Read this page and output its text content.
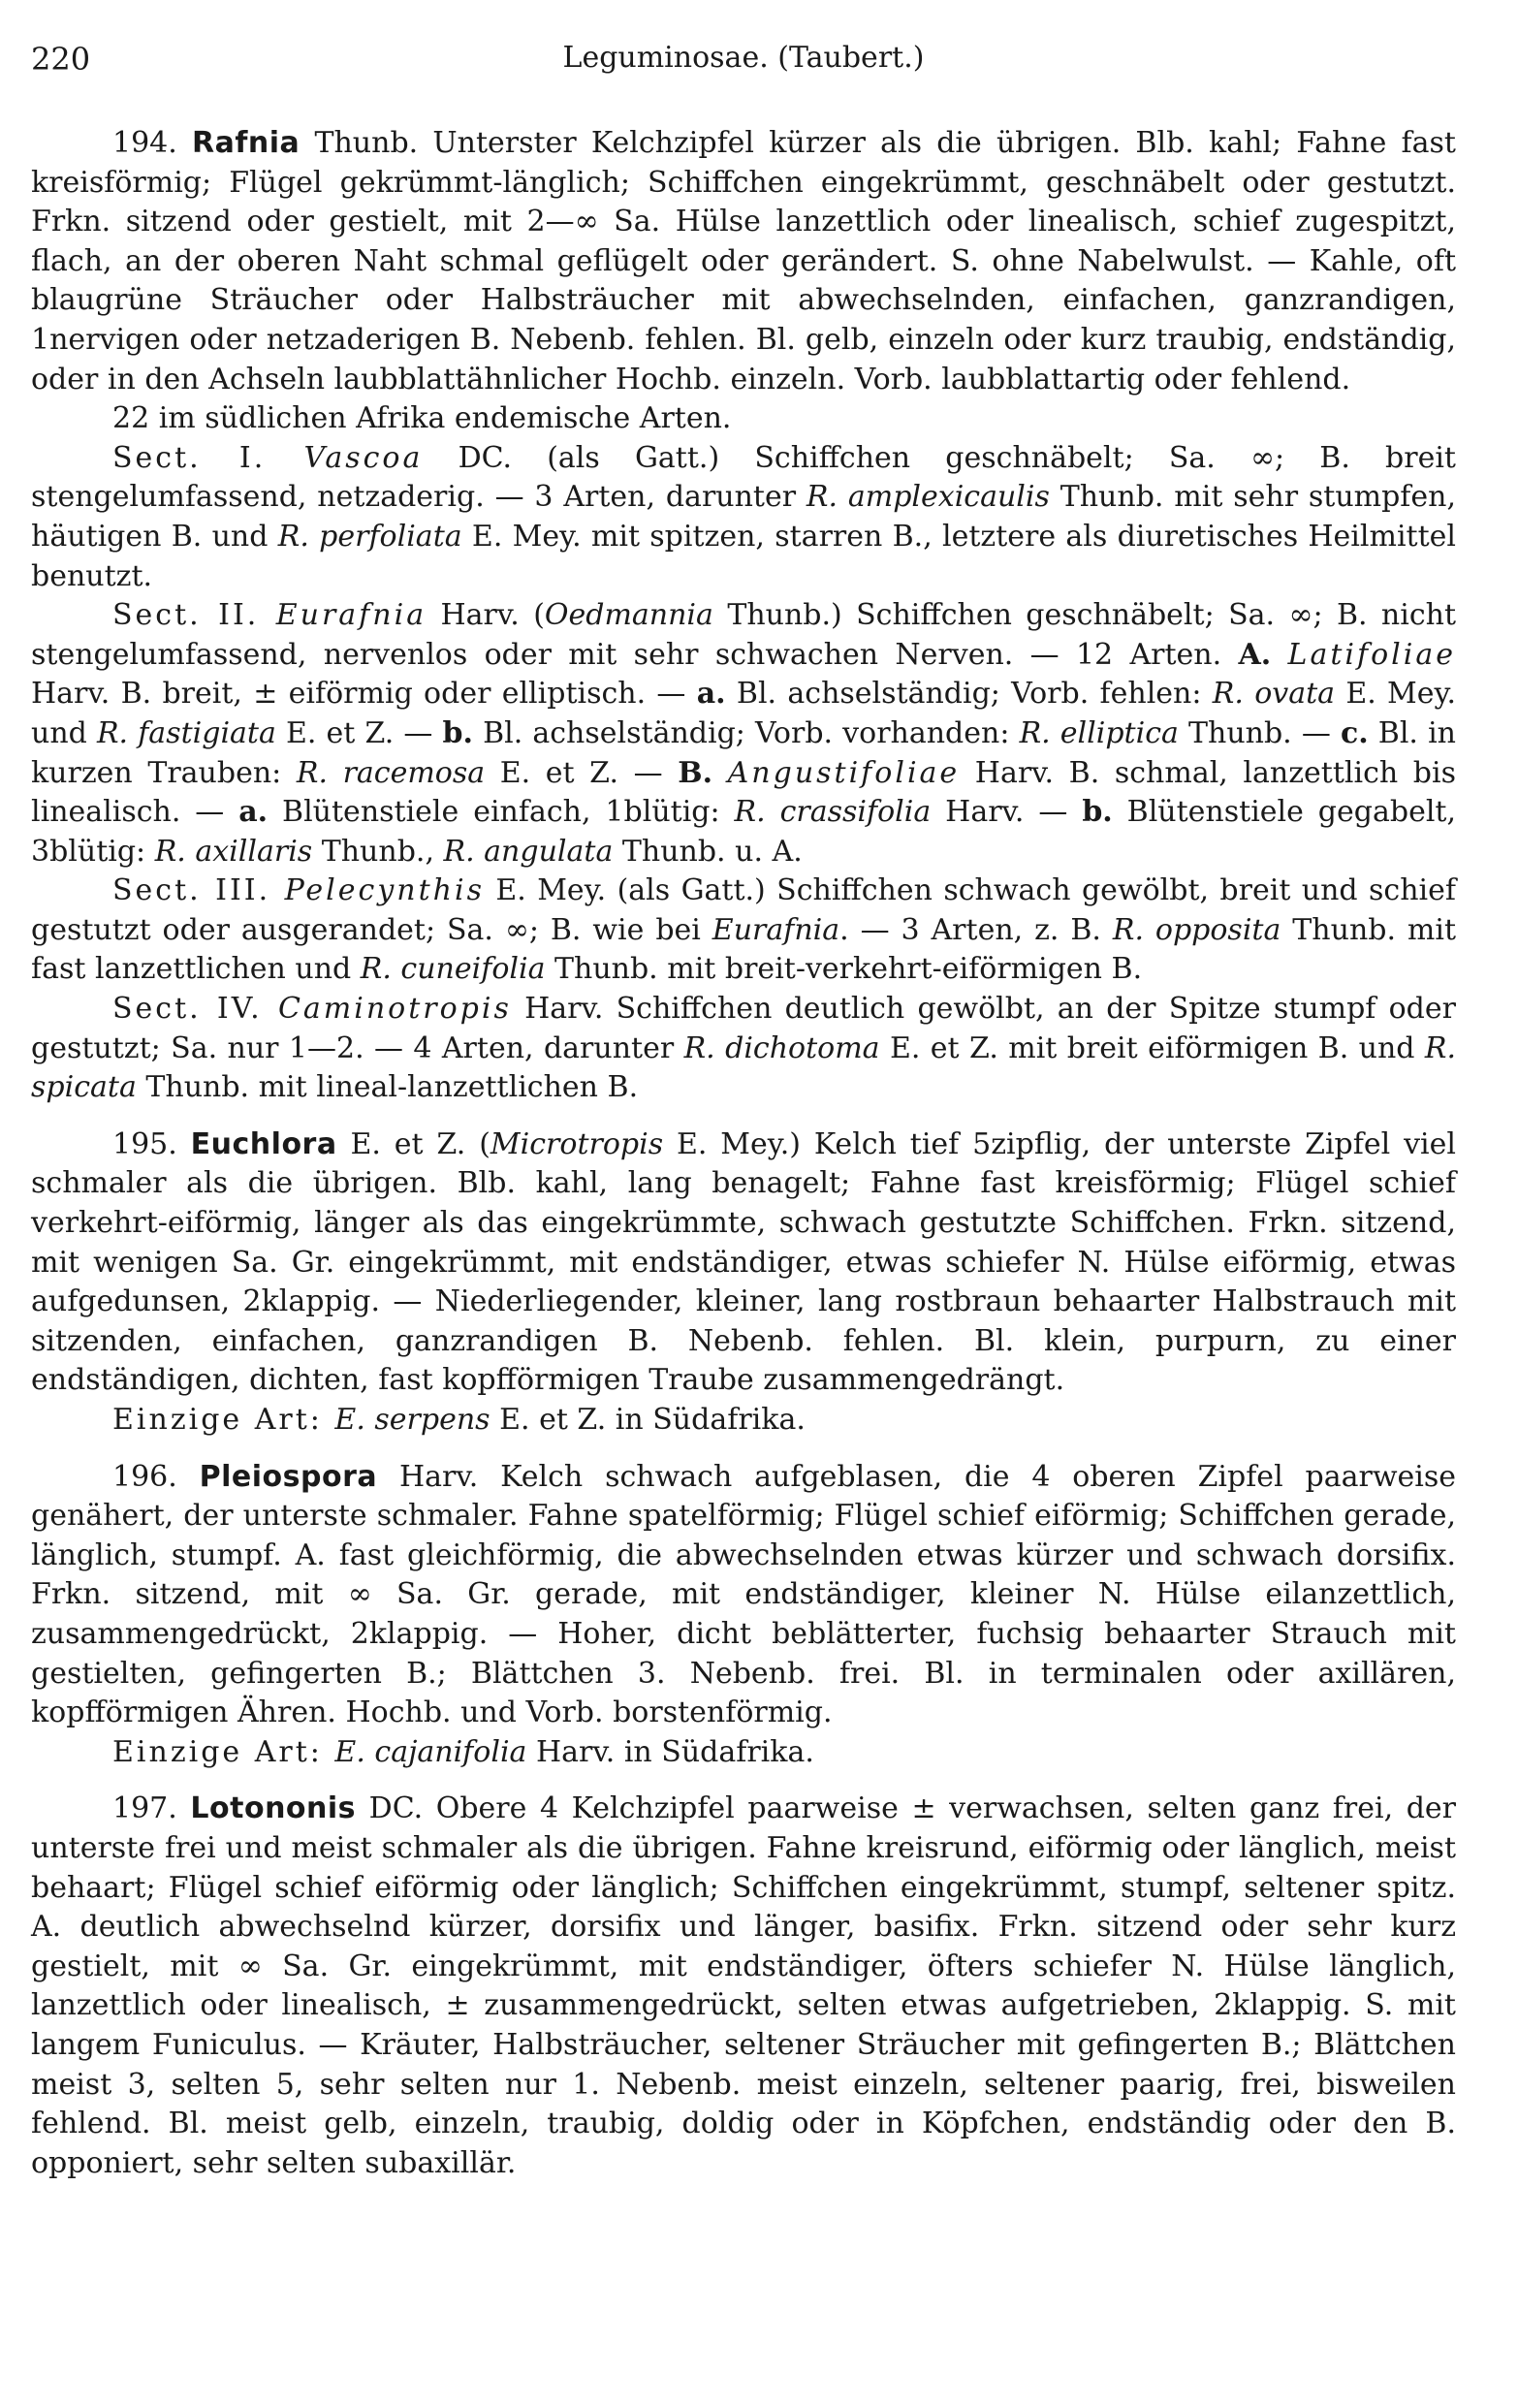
220	Leguminosae. (Taubert.)

194. Rafnia Thunb. Unterster Kelchzipfel kürzer als die übrigen. Blb. kahl; Fahne fast kreisförmig; Flügel gekrümmt-länglich; Schiffchen eingekrümmt, geschnäbelt oder gestutzt. Frkn. sitzend oder gestielt, mit 2—∞ Sa. Hülse lanzettlich oder linealisch, schief zugespitzt, flach, an der oberen Naht schmal geflügelt oder gerändert. S. ohne Nabelwulst. — Kahle, oft blaugrüne Sträucher oder Halbsträucher mit abwechselnden, einfachen, ganzrandigen, 1nervigen oder netzaderigen B. Nebenb. fehlen. Bl. gelb, einzeln oder kurz traubig, endständig, oder in den Achseln laubblattähnlicher Hochb. einzeln. Vorb. laubblattartig oder fehlend.

22 im südlichen Afrika endemische Arten.

Sect. I. Vascoa DC. (als Gatt.) Schiffchen geschnäbelt; Sa. ∞; B. breit stengelumfassend, netzaderig. — 3 Arten, darunter R. amplexicaulis Thunb. mit sehr stumpfen, häutigen B. und R. perfoliata E. Mey. mit spitzen, starren B., letztere als diuretisches Heilmittel benutzt.

Sect. II. Eurafnia Harv. (Oedmannia Thunb.) Schiffchen geschnäbelt; Sa. ∞; B. nicht stengelumfassend, nervenlos oder mit sehr schwachen Nerven. — 12 Arten. A. Latifoliae Harv. B. breit, ± eiförmig oder elliptisch. — a. Bl. achselständig; Vorb. fehlen: R. ovata E. Mey. und R. fastigiata E. et Z. — b. Bl. achselständig; Vorb. vorhanden: R. elliptica Thunb. — c. Bl. in kurzen Trauben: R. racemosa E. et Z. — B. Angustifoliae Harv. B. schmal, lanzettlich bis linealisch. — a. Blütenstiele einfach, 1blütig: R. crassifolia Harv. — b. Blütenstiele gegabelt, 3blütig: R. axillaris Thunb., R. angulata Thunb. u. A.

Sect. III. Pelecynthis E. Mey. (als Gatt.) Schiffchen schwach gewölbt, breit und schief gestutzt oder ausgerandet; Sa. ∞; B. wie bei Eurafnia. — 3 Arten, z. B. R. opposita Thunb. mit fast lanzettlichen und R. cuneifolia Thunb. mit breit-verkehrt-eiförmigen B.

Sect. IV. Caminotropis Harv. Schiffchen deutlich gewölbt, an der Spitze stumpf oder gestutzt; Sa. nur 1—2. — 4 Arten, darunter R. dichotoma E. et Z. mit breit eiförmigen B. und R. spicata Thunb. mit lineal-lanzettlichen B.

195. Euchlora E. et Z. (Microtropis E. Mey.) Kelch tief 5zipflig, der unterste Zipfel viel schmaler als die übrigen. Blb. kahl, lang benagelt; Fahne fast kreisförmig; Flügel schief verkehrt-eiförmig, länger als das eingekrümmte, schwach gestutzte Schiffchen. Frkn. sitzend, mit wenigen Sa. Gr. eingekrümmt, mit endständiger, etwas schiefer N. Hülse eiförmig, etwas aufgedunsen, 2klappig. — Niederliegender, kleiner, lang rostbraun behaarter Halbstrauch mit sitzenden, einfachen, ganzrandigen B. Nebenb. fehlen. Bl. klein, purpurn, zu einer endständigen, dichten, fast kopfförmigen Traube zusammengedrängt.

Einzige Art: E. serpens E. et Z. in Südafrika.

196. Pleiospora Harv. Kelch schwach aufgeblasen, die 4 oberen Zipfel paarweise genähert, der unterste schmaler. Fahne spatelförmig; Flügel schief eiförmig; Schiffchen gerade, länglich, stumpf. A. fast gleichförmig, die abwechselnden etwas kürzer und schwach dorsifix. Frkn. sitzend, mit ∞ Sa. Gr. gerade, mit endständiger, kleiner N. Hülse eilanzettlich, zusammengedrückt, 2klappig. — Hoher, dicht beblätterter, fuchsig behaarter Strauch mit gestielten, gefingerten B.; Blättchen 3. Nebenb. frei. Bl. in terminalen oder axillären, kopfförmigen Ähren. Hochb. und Vorb. borstenförmig.

Einzige Art: E. cajanifolia Harv. in Südafrika.

197. Lotononis DC. Obere 4 Kelchzipfel paarweise ± verwachsen, selten ganz frei, der unterste frei und meist schmaler als die übrigen. Fahne kreisrund, eiförmig oder länglich, meist behaart; Flügel schief eiförmig oder länglich; Schiffchen eingekrümmt, stumpf, seltener spitz. A. deutlich abwechselnd kürzer, dorsifix und länger, basifix. Frkn. sitzend oder sehr kurz gestielt, mit ∞ Sa. Gr. eingekrümmt, mit endständiger, öfters schiefer N. Hülse länglich, lanzettlich oder linealisch, ± zusammengedrückt, selten etwas aufgetrieben, 2klappig. S. mit langem Funiculus. — Kräuter, Halbsträucher, seltener Sträucher mit gefingerten B.; Blättchen meist 3, selten 5, sehr selten nur 1. Nebenb. meist einzeln, seltener paarig, frei, bisweilen fehlend. Bl. meist gelb, einzeln, traubig, doldig oder in Köpfchen, endständig oder den B. opponiert, sehr selten subaxillär.
